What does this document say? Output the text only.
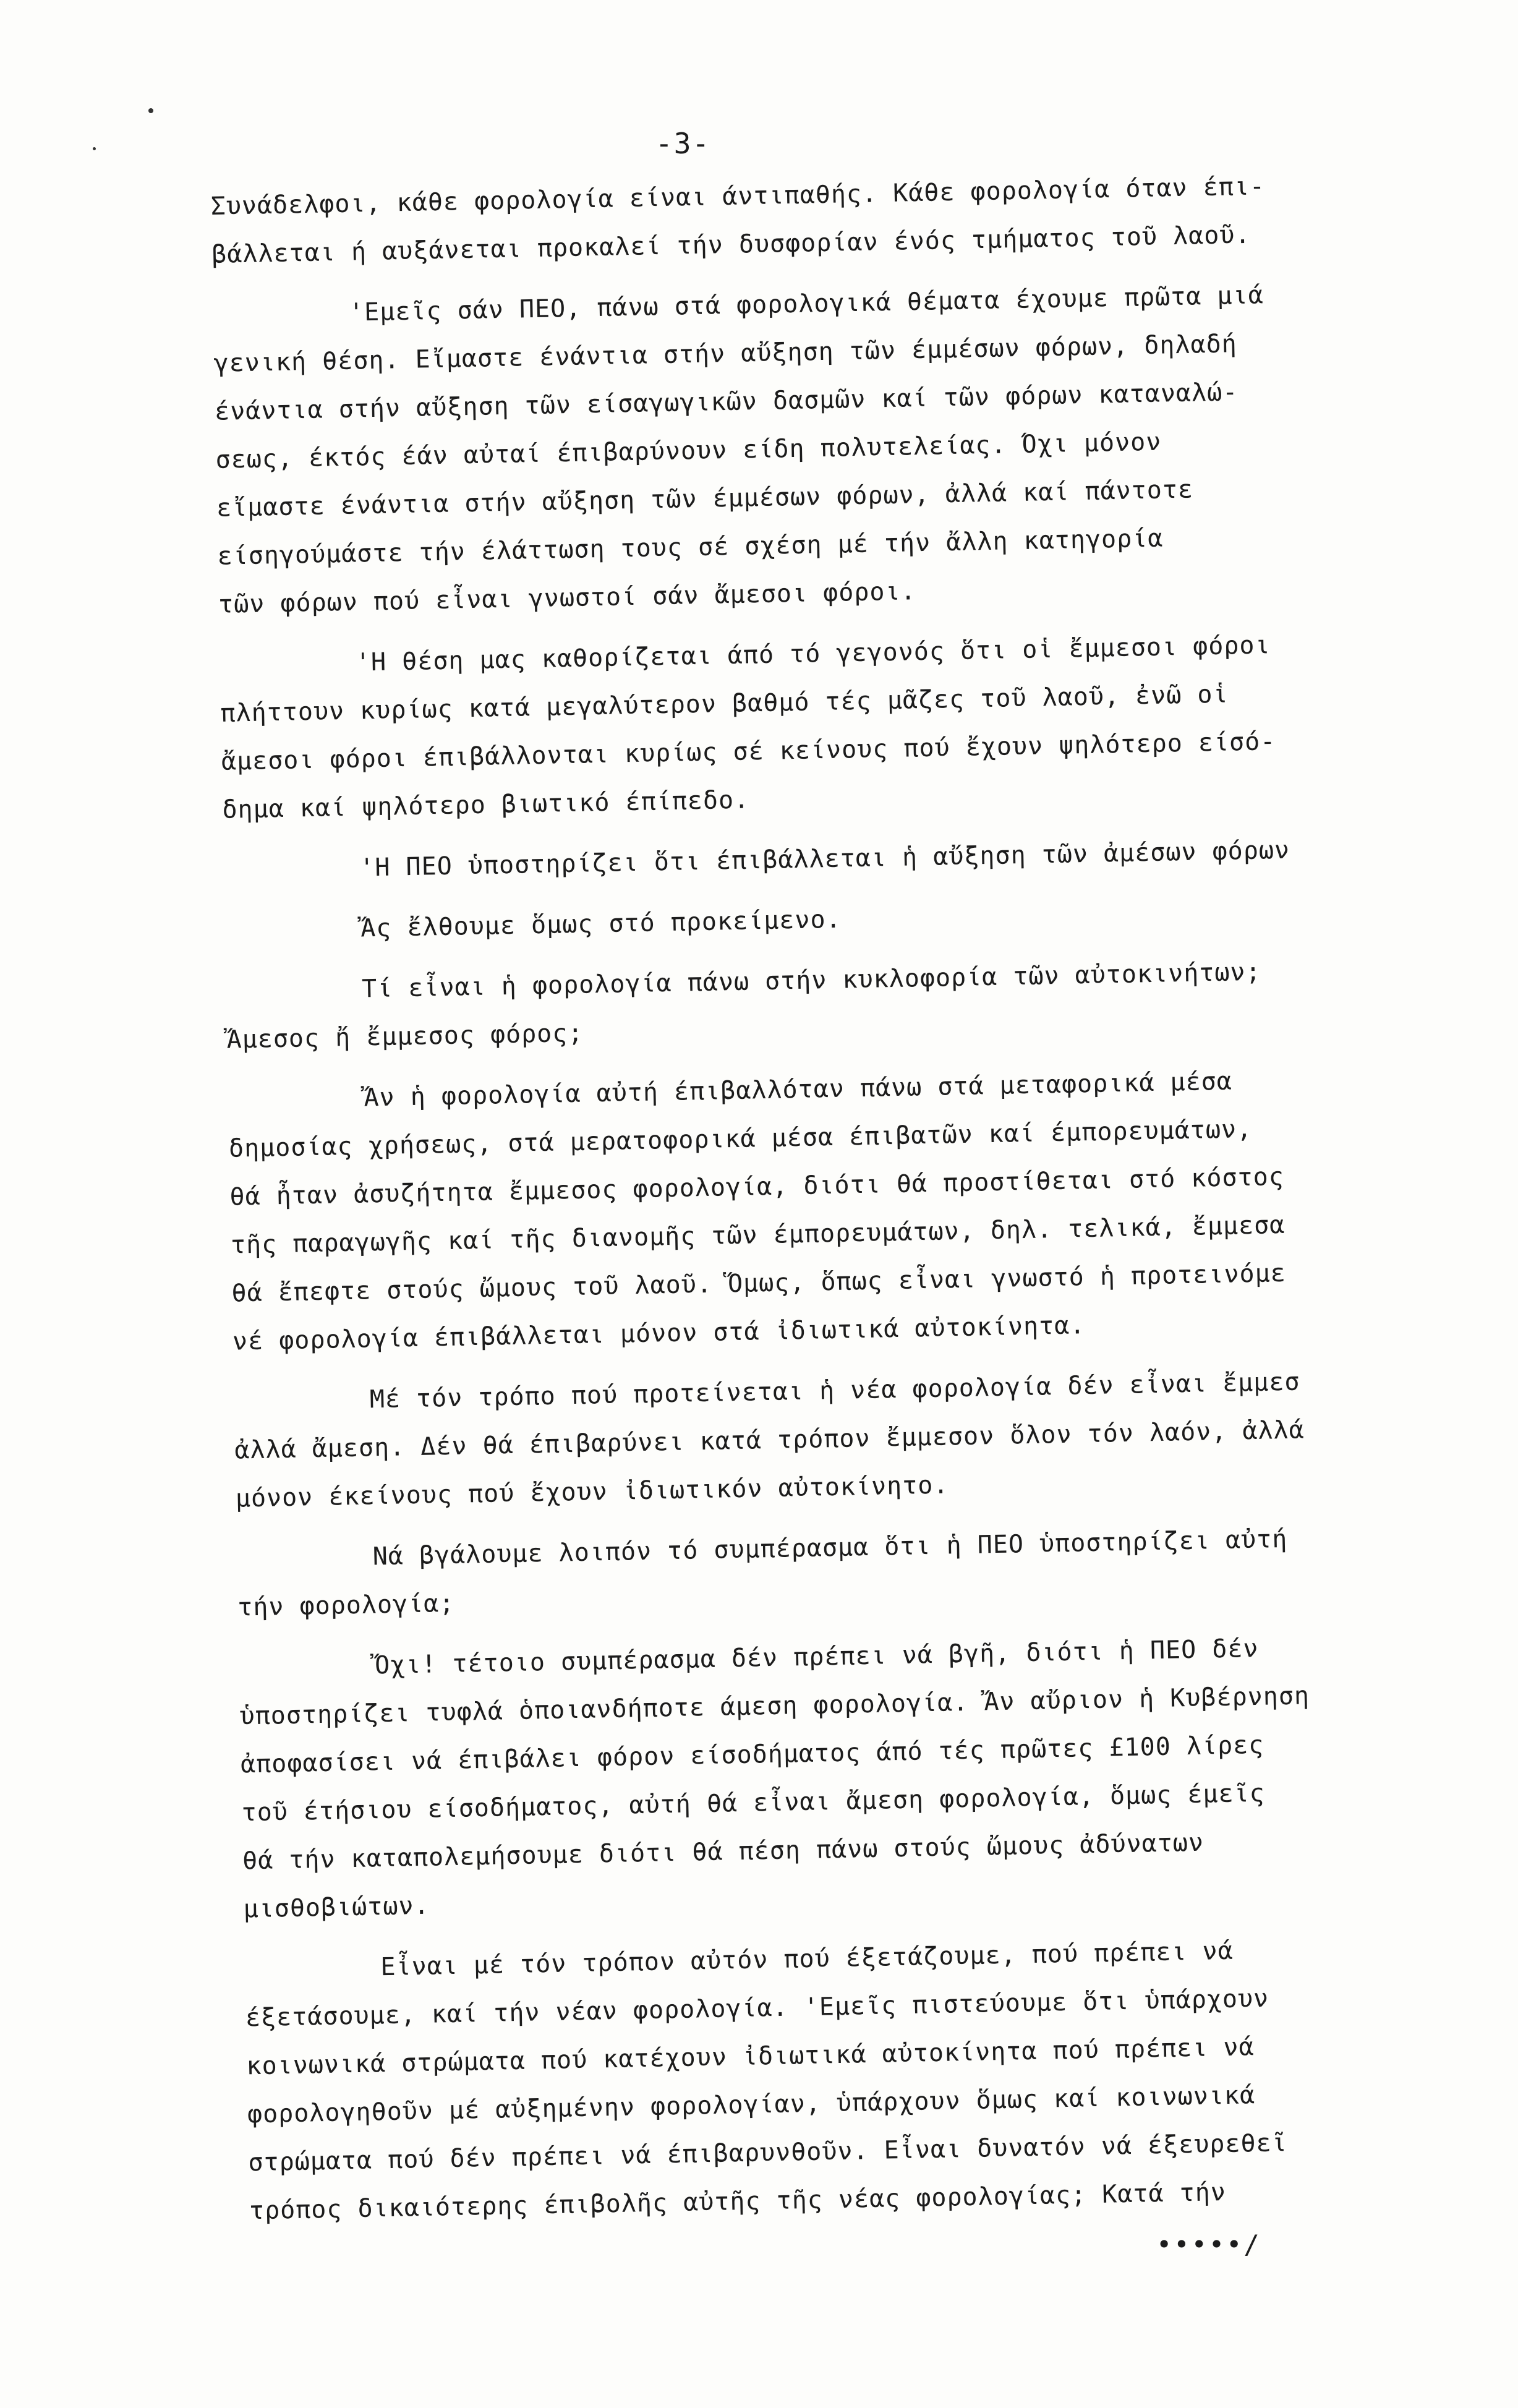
-3-
Συνάδελφοι, κάθε φορολογία είναι άντιπαθής. Κάθε φορολογία όταν έπι-
βάλλεται ή αυξάνεται προκαλεί τήν δυσφορίαν ένός τμήματος τοῦ λαοῦ.
'Εμεῖς σάν ΠΕΟ, πάνω στά φορολογικά θέματα έχουμε πρῶτα μιά
γενική θέση. Εἴμαστε ένάντια στήν αὔξηση τῶν έμμέσων φόρων, δηλαδή
ένάντια στήν αὔξηση τῶν είσαγωγικῶν δασμῶν καί τῶν φόρων καταναλώ-
σεως, έκτός έάν αὐταί έπιβαρύνουν είδη πολυτελείας. Όχι μόνον
εἴμαστε ένάντια στήν αὔξηση τῶν έμμέσων φόρων, ἀλλά καί πάντοτε
είσηγούμάστε τήν έλάττωση τους σέ σχέση μέ τήν ἄλλη κατηγορία
τῶν φόρων πού εἶναι γνωστοί σάν ἄμεσοι φόροι.
'Η θέση μας καθορίζεται άπό τό γεγονός ὅτι οἱ ἔμμεσοι φόροι
πλήττουν κυρίως κατά μεγαλύτερον βαθμό τές μᾶζες τοῦ λαοῦ, ἐνῶ οἱ
ἄμεσοι φόροι έπιβάλλονται κυρίως σέ κείνους πού ἔχουν ψηλότερο είσό-
δημα καί ψηλότερο βιωτικό έπίπεδο.
'Η ΠΕΟ ὑποστηρίζει ὅτι έπιβάλλεται ἡ αὔξηση τῶν ἀμέσων φόρων
Ἄς ἔλθουμε ὅμως στό προκείμενο.
Τί εἶναι ἡ φορολογία πάνω στήν κυκλοφορία τῶν αὐτοκινήτων;
Ἄμεσος ἤ ἔμμεσος φόρος;
Ἄν ἡ φορολογία αὐτή έπιβαλλόταν πάνω στά μεταφορικά μέσα
δημοσίας χρήσεως, στά μερατοφορικά μέσα έπιβατῶν καί έμπορευμάτων,
θά ἦταν ἀσυζήτητα ἔμμεσος φορολογία, διότι θά προστίθεται στό κόστος
τῆς παραγωγῆς καί τῆς διανομῆς τῶν έμπορευμάτων, δηλ. τελικά, ἔμμεσα
θά ἔπεφτε στούς ὤμους τοῦ λαοῦ. Ὅμως, ὅπως εἶναι γνωστό ἡ προτεινόμε
νέ φορολογία έπιβάλλεται μόνον στά ἰδιωτικά αὐτοκίνητα.
Μέ τόν τρόπο πού προτείνεται ἡ νέα φορολογία δέν εἶναι ἔμμεσ
ἀλλά ἄμεση. Δέν θά έπιβαρύνει κατά τρόπον ἔμμεσον ὅλον τόν λαόν, ἀλλά
μόνον έκείνους πού ἔχουν ἰδιωτικόν αὐτοκίνητο.
Νά βγάλουμε λοιπόν τό συμπέρασμα ὅτι ἡ ΠΕΟ ὑποστηρίζει αὐτή
τήν φορολογία;
Ὄχι! τέτοιο συμπέρασμα δέν πρέπει νά βγῆ, διότι ἡ ΠΕΟ δέν
ὑποστηρίζει τυφλά ὁποιανδήποτε άμεση φορολογία. Ἄν αὔριον ἡ Κυβέρνηση
ἀποφασίσει νά έπιβάλει φόρον είσοδήματος άπό τές πρῶτες £100 λίρες
τοῦ έτήσιου είσοδήματος, αὐτή θά εἶναι ἄμεση φορολογία, ὅμως έμεῖς
θά τήν καταπολεμήσουμε διότι θά πέση πάνω στούς ὤμους ἀδύνατων
μισθοβιώτων.
Εἶναι μέ τόν τρόπον αὐτόν πού έξετάζουμε, πού πρέπει νά
έξετάσουμε, καί τήν νέαν φορολογία. 'Εμεῖς πιστεύουμε ὅτι ὑπάρχουν
κοινωνικά στρώματα πού κατέχουν ἰδιωτικά αὐτοκίνητα πού πρέπει νά
φορολογηθοῦν μέ αὐξημένην φορολογίαν, ὑπάρχουν ὅμως καί κοινωνικά
στρώματα πού δέν πρέπει νά έπιβαρυνθοῦν. Εἶναι δυνατόν νά έξευρεθεῖ
τρόπος δικαιότερης έπιβολῆς αὐτῆς τῆς νέας φορολογίας; Κατά τήν
•••••/
